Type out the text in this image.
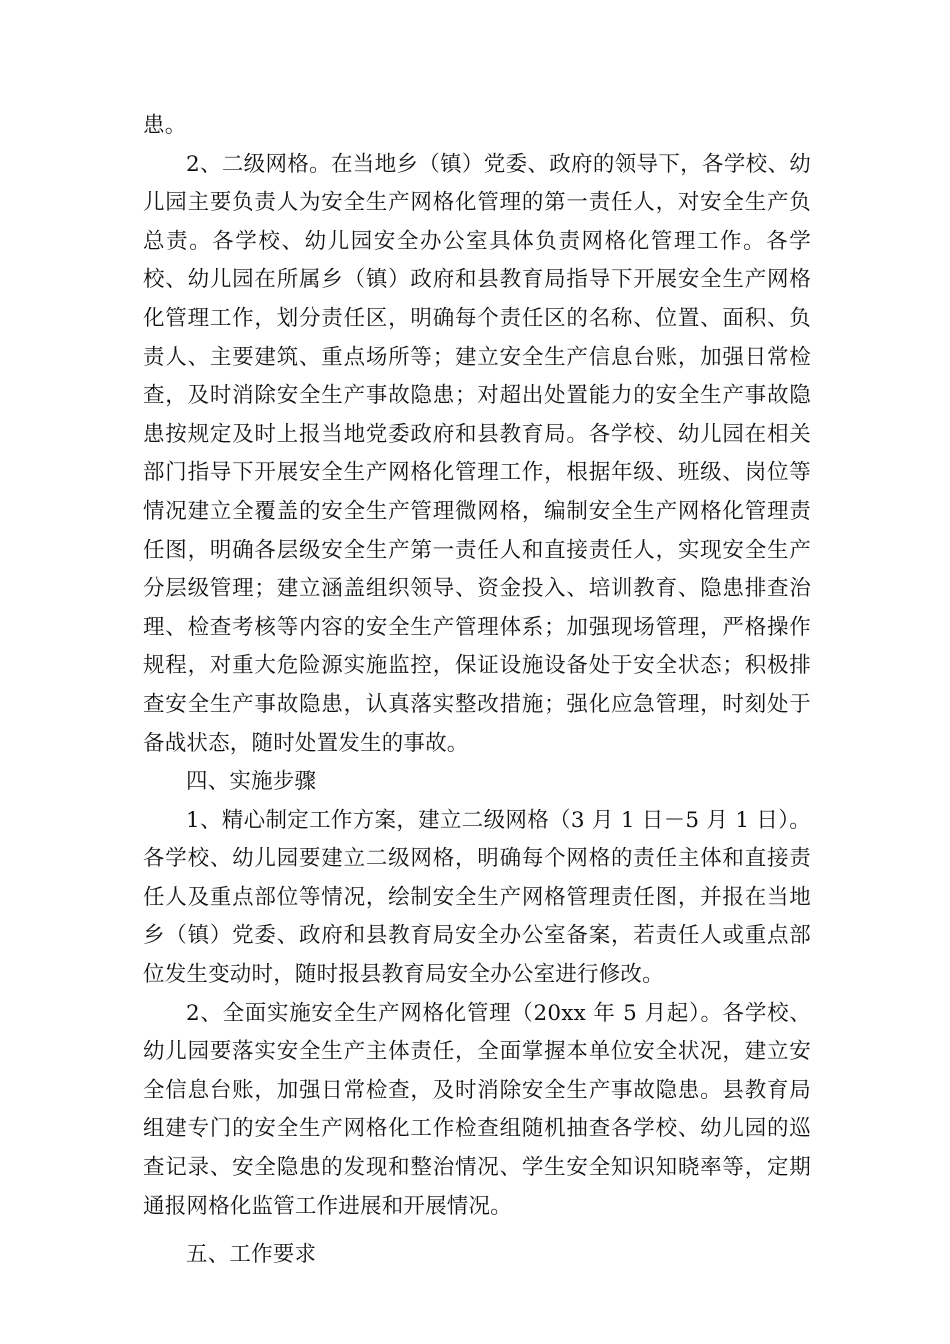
患。

2、二级网格。在当地乡（镇）党委、政府的领导下，各学校、幼儿园主要负责人为安全生产网格化管理的第一责任人，对安全生产负总责。各学校、幼儿园安全办公室具体负责网格化管理工作。各学校、幼儿园在所属乡（镇）政府和县教育局指导下开展安全生产网格化管理工作，划分责任区，明确每个责任区的名称、位置、面积、负责人、主要建筑、重点场所等；建立安全生产信息台账，加强日常检查，及时消除安全生产事故隐患；对超出处置能力的安全生产事故隐患按规定及时上报当地党委政府和县教育局。各学校、幼儿园在相关部门指导下开展安全生产网格化管理工作，根据年级、班级、岗位等情况建立全覆盖的安全生产管理微网格，编制安全生产网格化管理责任图，明确各层级安全生产第一责任人和直接责任人，实现安全生产分层级管理；建立涵盖组织领导、资金投入、培训教育、隐患排查治理、检查考核等内容的安全生产管理体系；加强现场管理，严格操作规程，对重大危险源实施监控，保证设施设备处于安全状态；积极排查安全生产事故隐患，认真落实整改措施；强化应急管理，时刻处于备战状态，随时处置发生的事故。

四、实施步骤

1、精心制定工作方案，建立二级网格（3 月 1 日－5 月 1 日）。各学校、幼儿园要建立二级网格，明确每个网格的责任主体和直接责任人及重点部位等情况，绘制安全生产网格管理责任图，并报在当地乡（镇）党委、政府和县教育局安全办公室备案，若责任人或重点部位发生变动时，随时报县教育局安全办公室进行修改。

2、全面实施安全生产网格化管理（20xx 年 5 月起）。各学校、幼儿园要落实安全生产主体责任，全面掌握本单位安全状况，建立安全信息台账，加强日常检查，及时消除安全生产事故隐患。县教育局组建专门的安全生产网格化工作检查组随机抽查各学校、幼儿园的巡查记录、安全隐患的发现和整治情况、学生安全知识知晓率等，定期通报网格化监管工作进展和开展情况。

五、工作要求
